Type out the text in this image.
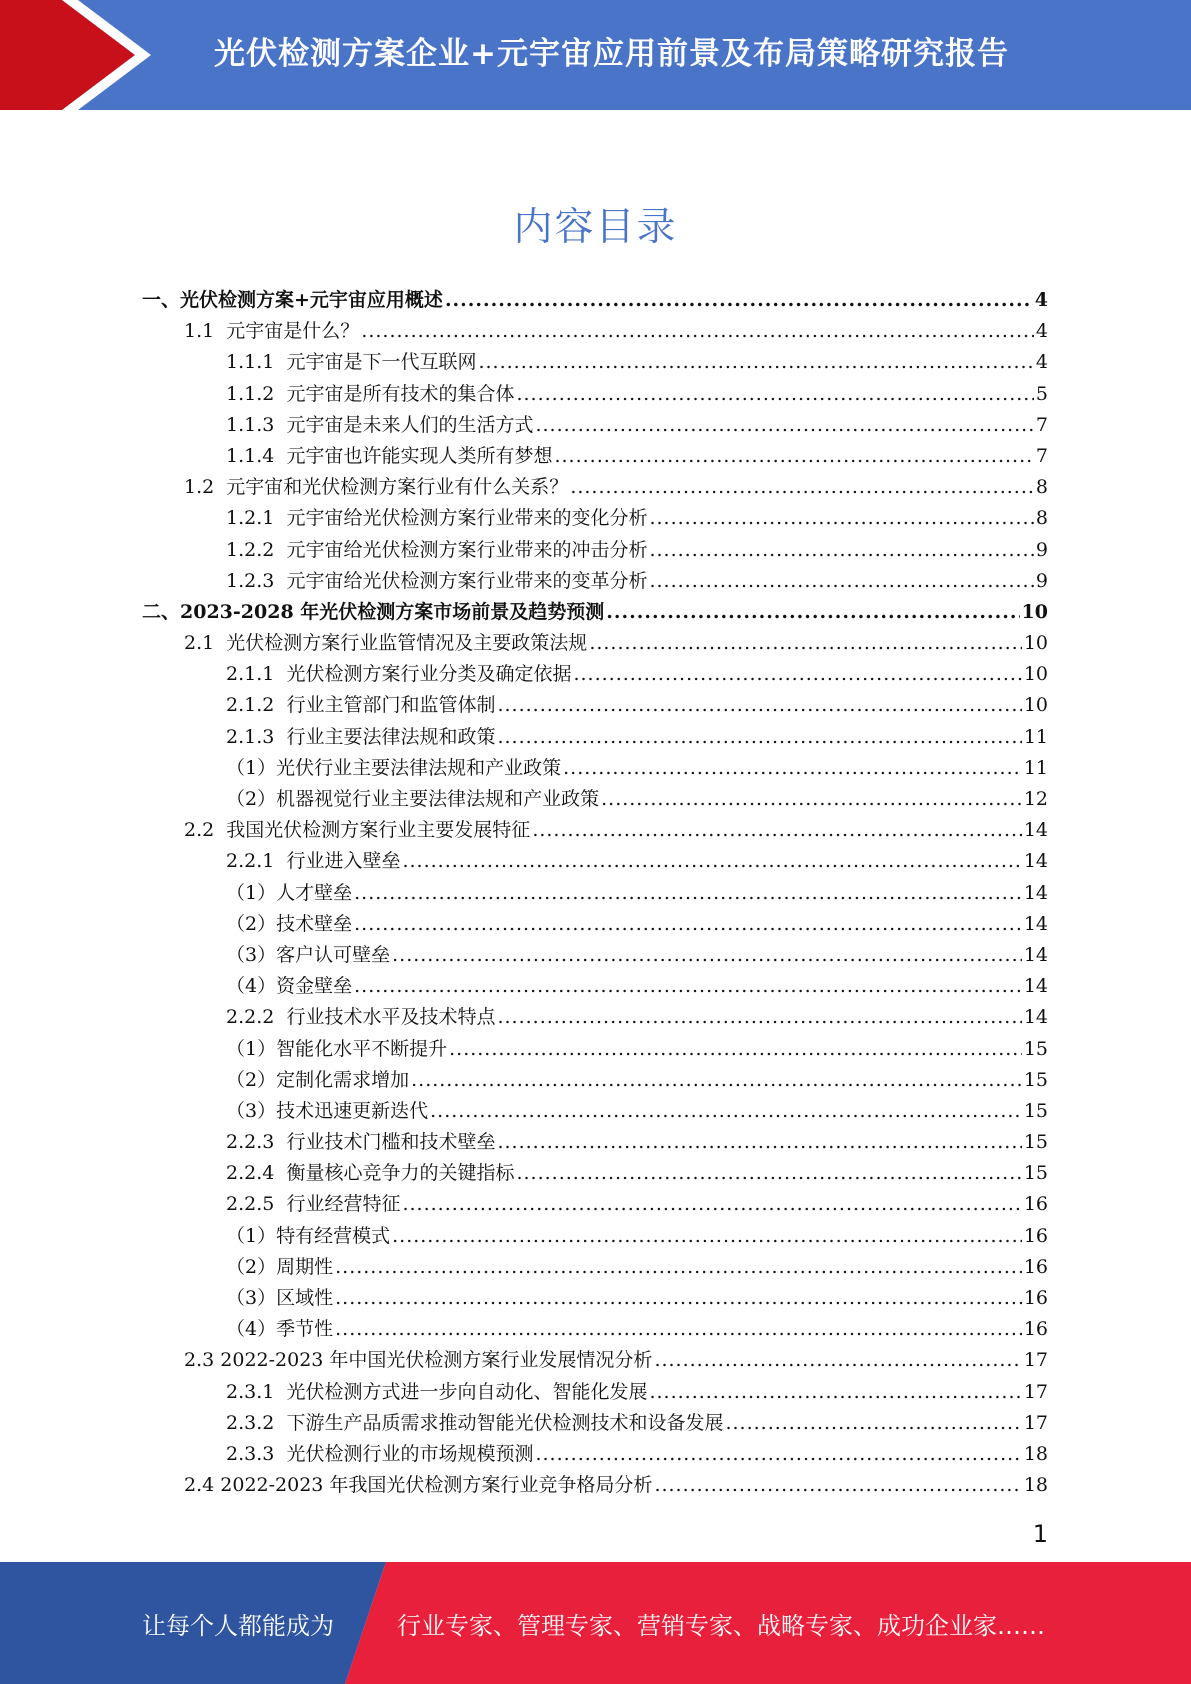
光伏检测方案企业+元宇宙应用前景及布局策略研究报告
内容目录
一、 光伏检测方案+元宇宙应用概述 .....	4
1.1 元宇宙是什么？ .....	4
1.1.1 元宇宙是下一代互联网 .....	4
1.1.2 元宇宙是所有技术的集合体 .....	5
1.1.3 元宇宙是未来人们的生活方式 .....	7
1.1.4 元宇宙也许能实现人类所有梦想 .....	7
1.2 元宇宙和光伏检测方案行业有什么关系？ .....	8
1.2.1 元宇宙给光伏检测方案行业带来的变化分析 .....	8
1.2.2 元宇宙给光伏检测方案行业带来的冲击分析 .....	9
1.2.3 元宇宙给光伏检测方案行业带来的变革分析 .....	9
二、 2023-2028 年光伏检测方案市场前景及趋势预测 .....	10
2.1 光伏检测方案行业监管情况及主要政策法规 .....	10
2.1.1 光伏检测方案行业分类及确定依据 .....	10
2.1.2 行业主管部门和监管体制 .....	10
2.1.3 行业主要法律法规和政策 .....	11
（1） 光伏行业主要法律法规和产业政策 .....	11
（2） 机器视觉行业主要法律法规和产业政策 .....	12
2.2 我国光伏检测方案行业主要发展特征 .....	14
2.2.1 行业进入壁垒 .....	14
（1） 人才壁垒 .....	14
（2） 技术壁垒 .....	14
（3） 客户认可壁垒 .....	14
（4） 资金壁垒 .....	14
2.2.2 行业技术水平及技术特点 .....	14
（1） 智能化水平不断提升 .....	15
（2） 定制化需求增加 .....	15
（3） 技术迅速更新迭代 .....	15
2.2.3 行业技术门槛和技术壁垒 .....	15
2.2.4 衡量核心竞争力的关键指标 .....	15
2.2.5 行业经营特征 .....	16
（1） 特有经营模式 .....	16
（2） 周期性 .....	16
（3） 区域性 .....	16
（4） 季节性 .....	16
2.3 2022-2023 年中国光伏检测方案行业发展情况分析 .....	17
2.3.1 光伏检测方式进一步向自动化、智能化发展 .....	17
2.3.2 下游生产品质需求推动智能光伏检测技术和设备发展 .....	17
2.3.3 光伏检测行业的市场规模预测 .....	18
2.4 2022-2023 年我国光伏检测方案行业竞争格局分析 .....	18
1
让每个人都能成为	行业专家、管理专家、营销专家、战略专家、成功企业家……
